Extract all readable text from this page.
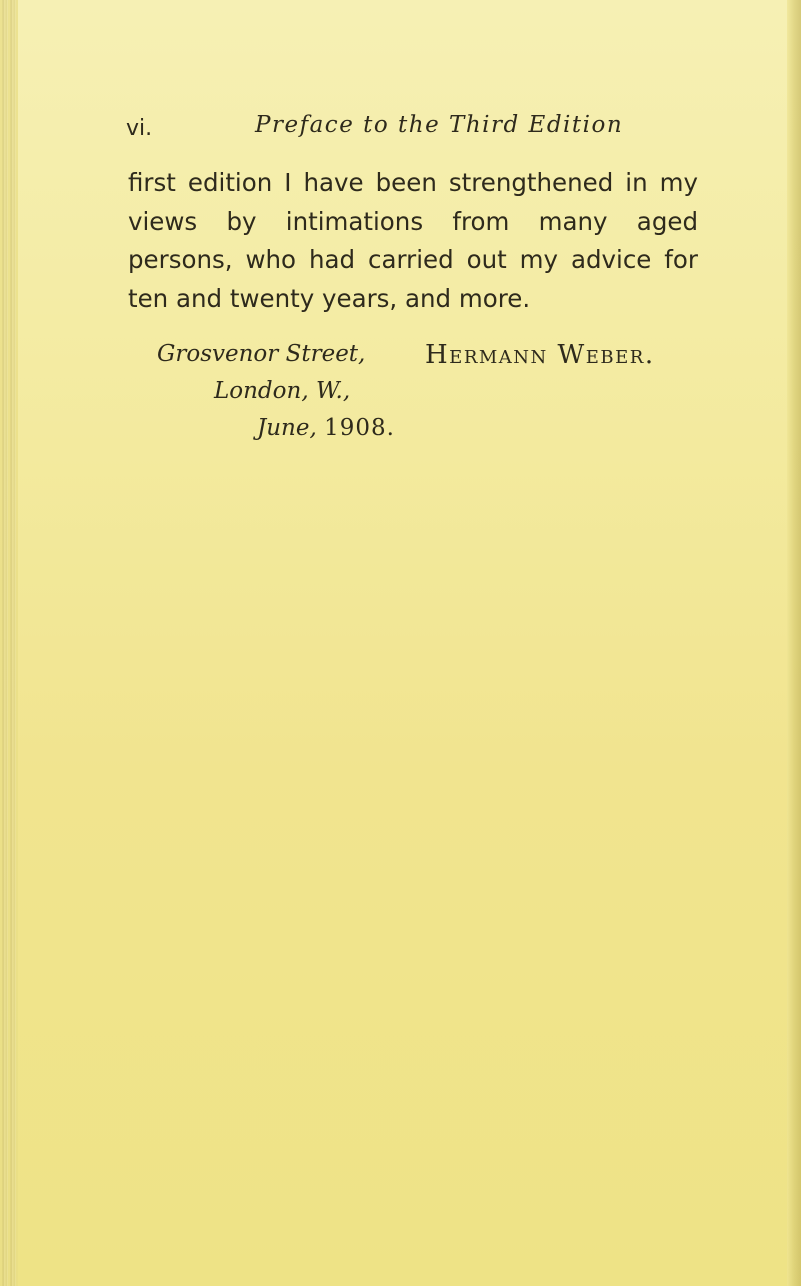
vi.	Preface to the Third Edition

first edition I have been strengthened in my views by intimations from many aged persons, who had carried out my advice for ten and twenty years, and more.

Grosvenor Street,
London, W.,
June, 1908.
Hermann Weber.
